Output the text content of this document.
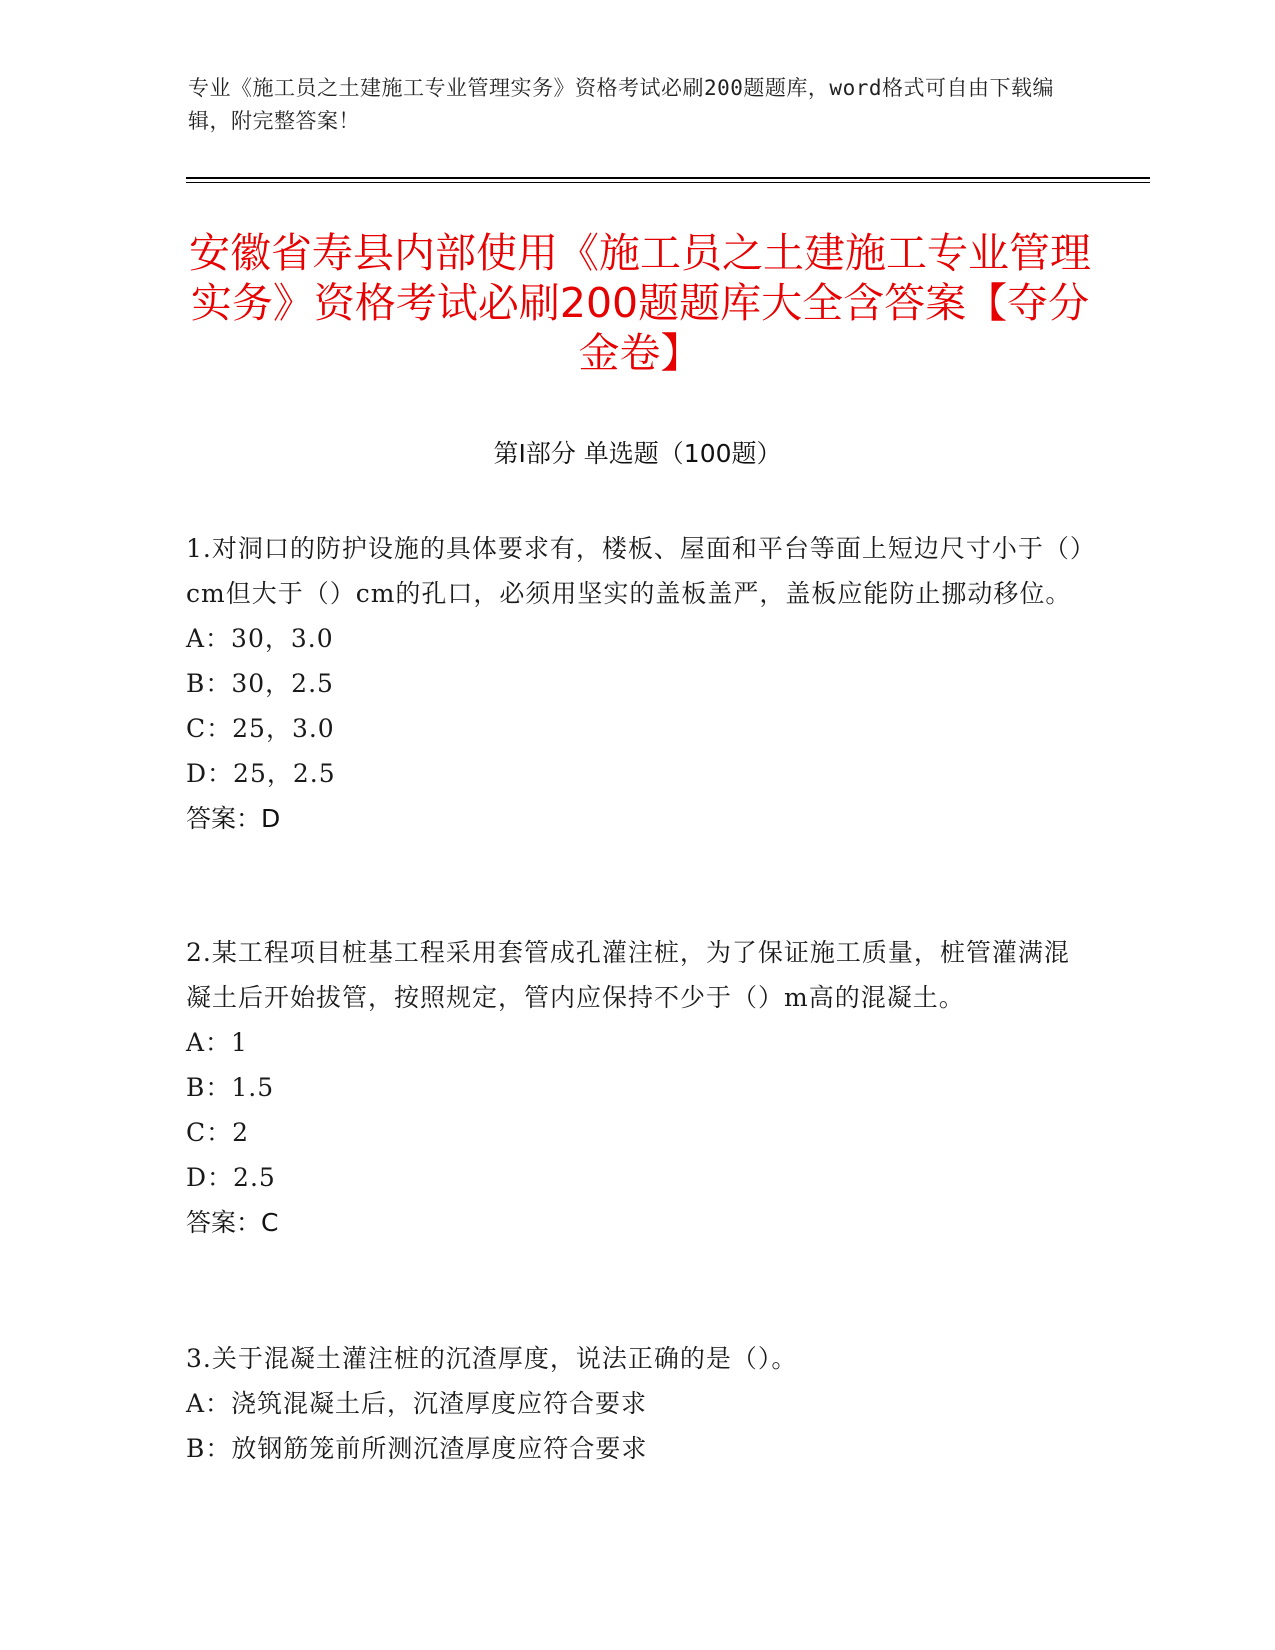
专业《施工员之土建施工专业管理实务》资格考试必刷200题题库，word格式可自由下载编辑，附完整答案！
安徽省寿县内部使用《施工员之土建施工专业管理实务》资格考试必刷200题题库大全含答案【夺分金卷】
第Ⅰ部分 单选题（100题）
1.对洞口的防护设施的具体要求有，楼板、屋面和平台等面上短边尺寸小于（）cm但大于（）cm的孔口，必须用坚实的盖板盖严，盖板应能防止挪动移位。
A：30，3.0
B：30，2.5
C：25，3.0
D：25，2.5
答案：D
2.某工程项目桩基工程采用套管成孔灌注桩，为了保证施工质量，桩管灌满混凝土后开始拔管，按照规定，管内应保持不少于（）m高的混凝土。
A：1
B：1.5
C：2
D：2.5
答案：C
3.关于混凝土灌注桩的沉渣厚度，说法正确的是（）。
A：浇筑混凝土后，沉渣厚度应符合要求
B：放钢筋笼前所测沉渣厚度应符合要求
